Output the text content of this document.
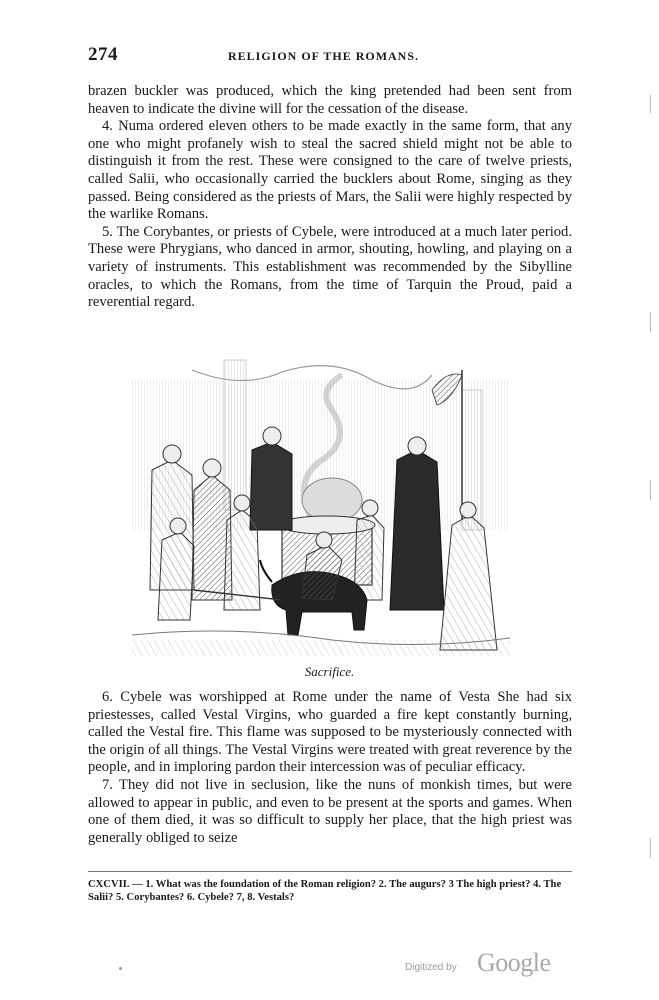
274	RELIGION OF THE ROMANS.

brazen buckler was produced, which the king pretended had been sent from heaven to indicate the divine will for the cessation of the disease.

4. Numa ordered eleven others to be made exactly in the same form, that any one who might profanely wish to steal the sacred shield might not be able to distinguish it from the rest. These were consigned to the care of twelve priests, called Salii, who occasionally carried the bucklers about Rome, singing as they passed. Being considered as the priests of Mars, the Salii were highly respected by the warlike Romans.

5. The Corybantes, or priests of Cybele, were introduced at a much later period. These were Phrygians, who danced in armor, shouting, howling, and playing on a variety of instruments. This establishment was recommended by the Sibylline oracles, to which the Romans, from the time of Tarquin the Proud, paid a reverential regard.

Sacrifice.

6. Cybele was worshipped at Rome under the name of Vesta She had six priestesses, called Vestal Virgins, who guarded a fire kept constantly burning, called the Vestal fire. This flame was supposed to be mysteriously connected with the origin of all things. The Vestal Virgins were treated with great reverence by the people, and in imploring pardon their intercession was of peculiar efficacy.

7. They did not live in seclusion, like the nuns of monkish times, but were allowed to appear in public, and even to be present at the sports and games. When one of them died, it was so difficult to supply her place, that the high priest was generally obliged to seize

CXCVII. — 1. What was the foundation of the Roman religion? 2. The augurs? 3 The high priest? 4. The Salii? 5. Corybantes? 6. Cybele? 7, 8. Vestals?
Digitized by Google
